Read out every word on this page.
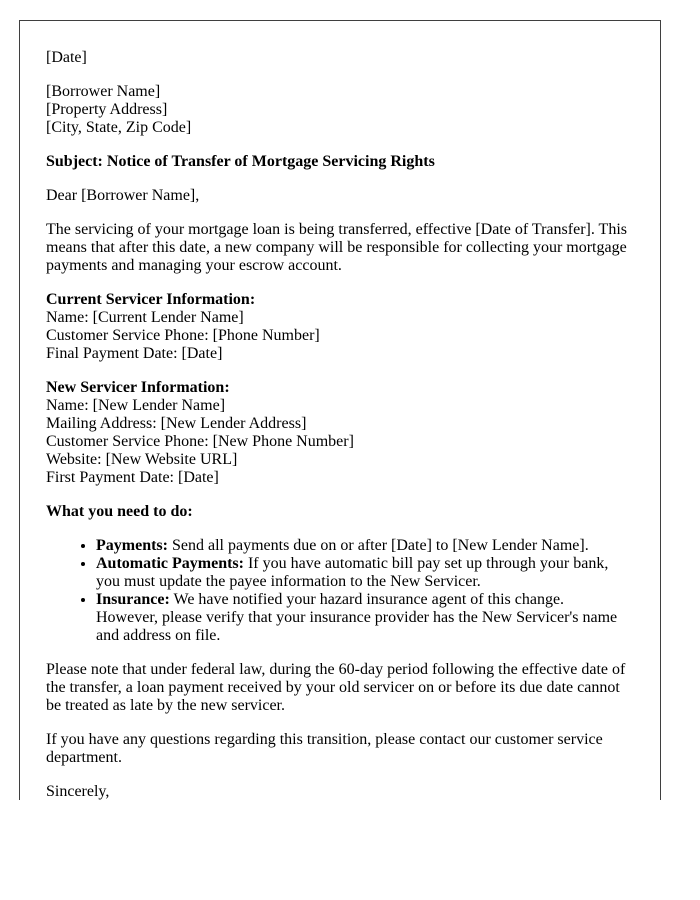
[Date]
[Borrower Name]
[Property Address]
[City, State, Zip Code]
Subject: Notice of Transfer of Mortgage Servicing Rights
Dear [Borrower Name],
The servicing of your mortgage loan is being transferred, effective [Date of Transfer]. This means that after this date, a new company will be responsible for collecting your mortgage payments and managing your escrow account.
Current Servicer Information:
Name: [Current Lender Name]
Customer Service Phone: [Phone Number]
Final Payment Date: [Date]
New Servicer Information:
Name: [New Lender Name]
Mailing Address: [New Lender Address]
Customer Service Phone: [New Phone Number]
Website: [New Website URL]
First Payment Date: [Date]
What you need to do:
• Payments: Send all payments due on or after [Date] to [New Lender Name].
• Automatic Payments: If you have automatic bill pay set up through your bank, you must update the payee information to the New Servicer.
• Insurance: We have notified your hazard insurance agent of this change. However, please verify that your insurance provider has the New Servicer's name and address on file.
Please note that under federal law, during the 60-day period following the effective date of the transfer, a loan payment received by your old servicer on or before its due date cannot be treated as late by the new servicer.
If you have any questions regarding this transition, please contact our customer service department.
Sincerely,
